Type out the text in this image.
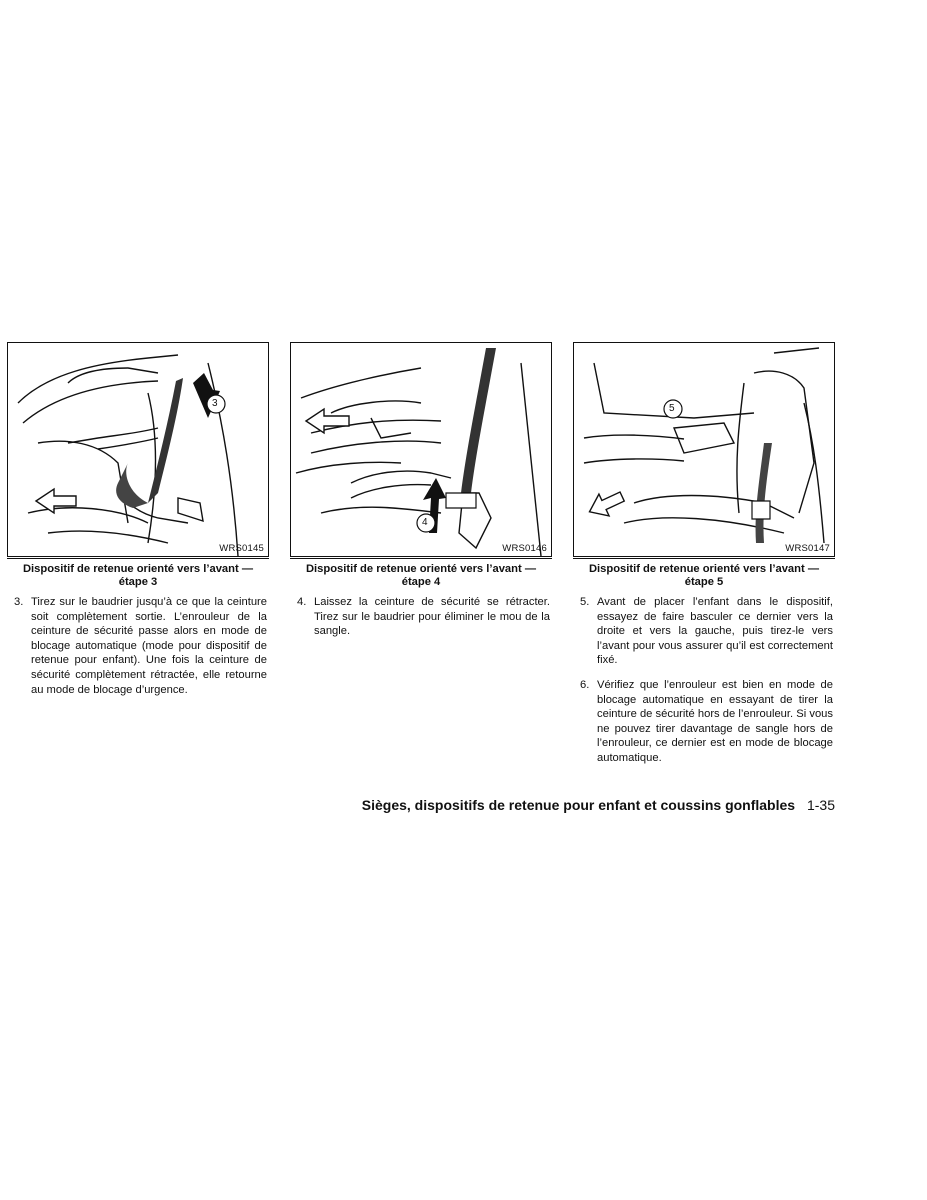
3
WRS0145
Dispositif de retenue orienté vers l’avant — étape 3
3. Tirez sur le baudrier jusqu’à ce que la ceinture soit complètement sortie. L’enrouleur de la ceinture de sécurité passe alors en mode de blocage automatique (mode pour dispositif de retenue pour enfant). Une fois la ceinture de sécurité complètement rétractée, elle retourne au mode de blocage d’urgence.
4
WRS0146
Dispositif de retenue orienté vers l’avant — étape 4
4. Laissez la ceinture de sécurité se rétracter. Tirez sur le baudrier pour éliminer le mou de la sangle.
5
WRS0147
Dispositif de retenue orienté vers l’avant — étape 5
5. Avant de placer l’enfant dans le dispositif, essayez de faire basculer ce dernier vers la droite et vers la gauche, puis tirez-le vers l’avant pour vous assurer qu’il est correctement fixé.
6. Vérifiez que l’enrouleur est bien en mode de blocage automatique en essayant de tirer la ceinture de sécurité hors de l’enrouleur. Si vous ne pouvez tirer davantage de sangle hors de l’enrouleur, ce dernier est en mode de blocage automatique.
Sièges, dispositifs de retenue pour enfant et coussins gonflables 1-35
